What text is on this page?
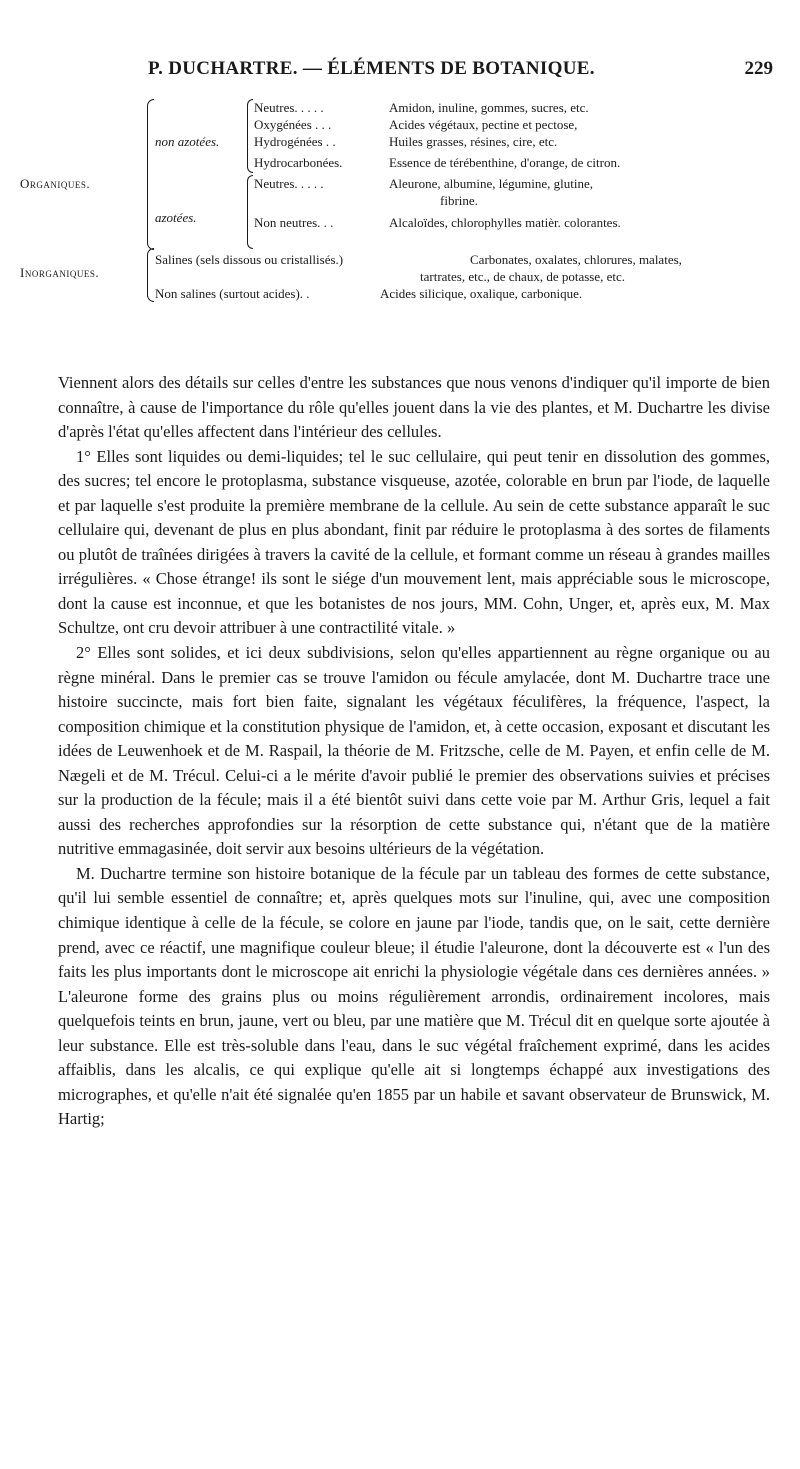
P. DUCHARTRE. — ÉLÉMENTS DE BOTANIQUE.	229
Organiques.
Inorganiques.
non azotées.
azotées.
Neutres. . . . .
Oxygénées . . .
Hydrogénées . .
Hydrocarbonées.
Neutres. . . . .
Non neutres. . .
Salines (sels dissous ou cristallisés.)
Non salines (surtout acides). .
Amidon, inuline, gommes, sucres, etc.
Acides végétaux, pectine et pectose,
Huiles grasses, résines, cire, etc.
Essence de térébenthine, d'orange, de citron.
Aleurone, albumine, légumine, glutine,
fibrine.
Alcaloïdes, chlorophylles matièr. colorantes.
Carbonates, oxalates, chlorures, malates,
tartrates, etc., de chaux, de potasse, etc.
Acides silicique, oxalique, carbonique.

Viennent alors des détails sur celles d'entre les substances que nous venons d'indiquer qu'il importe de bien connaître, à cause de l'importance du rôle qu'elles jouent dans la vie des plantes, et M. Duchartre les divise d'après l'état qu'elles affectent dans l'intérieur des cellules.

1° Elles sont liquides ou demi-liquides; tel le suc cellulaire, qui peut tenir en dissolution des gommes, des sucres; tel encore le protoplasma, substance visqueuse, azotée, colorable en brun par l'iode, de laquelle et par laquelle s'est produite la première membrane de la cellule. Au sein de cette substance apparaît le suc cellulaire qui, devenant de plus en plus abondant, finit par réduire le protoplasma à des sortes de filaments ou plutôt de traînées dirigées à travers la cavité de la cellule, et formant comme un réseau à grandes mailles irrégulières. « Chose étrange! ils sont le siége d'un mouvement lent, mais appréciable sous le microscope, dont la cause est inconnue, et que les botanistes de nos jours, MM. Cohn, Unger, et, après eux, M. Max Schultze, ont cru devoir attribuer à une contractilité vitale. »

2° Elles sont solides, et ici deux subdivisions, selon qu'elles appartiennent au règne organique ou au règne minéral. Dans le premier cas se trouve l'amidon ou fécule amylacée, dont M. Duchartre trace une histoire succincte, mais fort bien faite, signalant les végétaux féculifères, la fréquence, l'aspect, la composition chimique et la constitution physique de l'amidon, et, à cette occasion, exposant et discutant les idées de Leuwenhoek et de M. Raspail, la théorie de M. Fritzsche, celle de M. Payen, et enfin celle de M. Nægeli et de M. Trécul. Celui-ci a le mérite d'avoir publié le premier des observations suivies et précises sur la production de la fécule; mais il a été bientôt suivi dans cette voie par M. Arthur Gris, lequel a fait aussi des recherches approfondies sur la résorption de cette substance qui, n'étant que de la matière nutritive emmagasinée, doit servir aux besoins ultérieurs de la végétation.

M. Duchartre termine son histoire botanique de la fécule par un tableau des formes de cette substance, qu'il lui semble essentiel de connaître; et, après quelques mots sur l'inuline, qui, avec une composition chimique identique à celle de la fécule, se colore en jaune par l'iode, tandis que, on le sait, cette dernière prend, avec ce réactif, une magnifique couleur bleue; il étudie l'aleurone, dont la découverte est « l'un des faits les plus importants dont le microscope ait enrichi la physiologie végétale dans ces dernières années. » L'aleurone forme des grains plus ou moins régulièrement arrondis, ordinairement incolores, mais quelquefois teints en brun, jaune, vert ou bleu, par une matière que M. Trécul dit en quelque sorte ajoutée à leur substance. Elle est très-soluble dans l'eau, dans le suc végétal fraîchement exprimé, dans les acides affaiblis, dans les alcalis, ce qui explique qu'elle ait si longtemps échappé aux investigations des micrographes, et qu'elle n'ait été signalée qu'en 1855 par un habile et savant observateur de Brunswick, M. Hartig;
